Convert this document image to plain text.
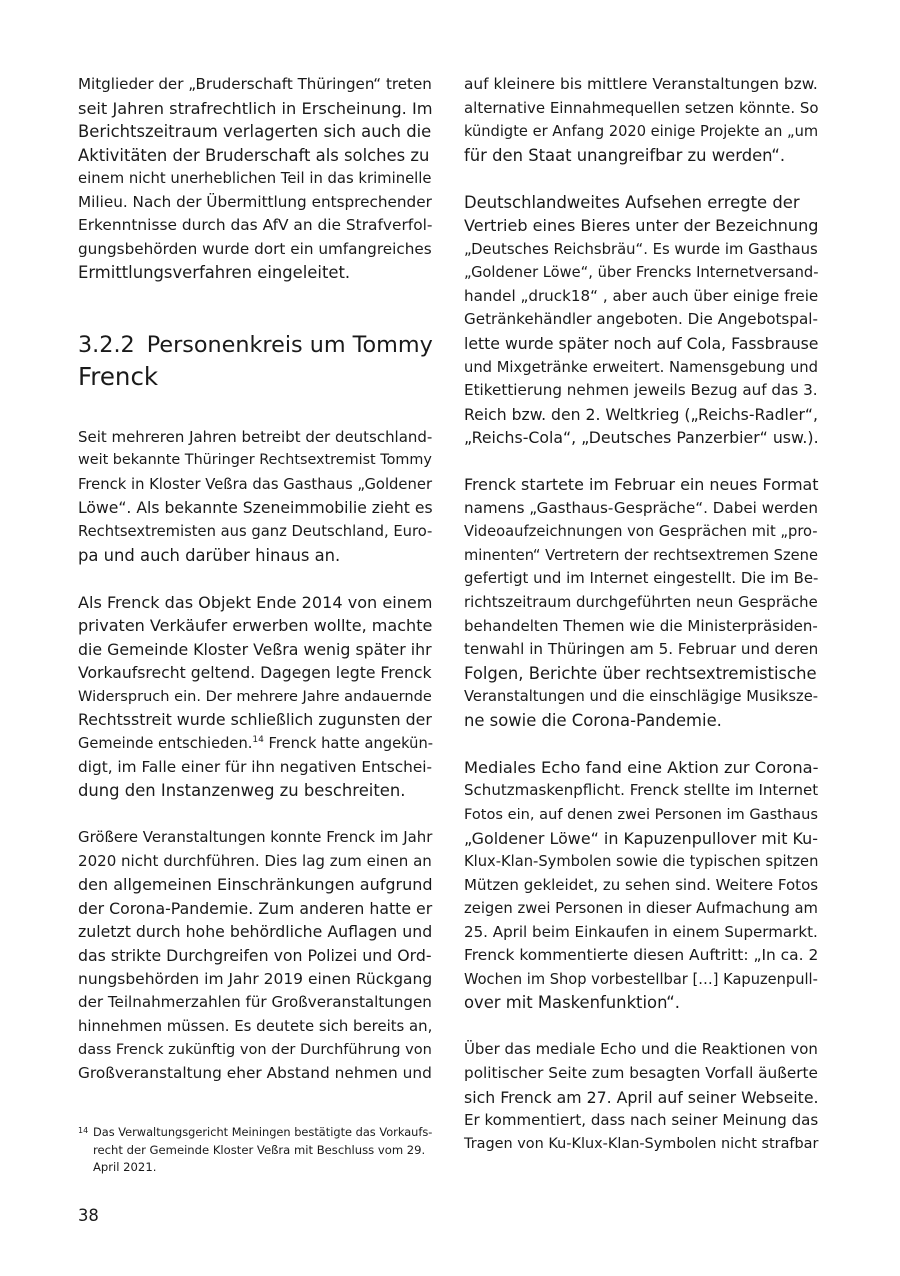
Mitglieder der „Bruderschaft Thüringen“ treten
seit Jahren strafrechtlich in Erscheinung. Im
Berichtszeitraum verlagerten sich auch die
Aktivitäten der Bruderschaft als solches zu
einem nicht unerheblichen Teil in das kriminelle
Milieu. Nach der Übermittlung entsprechender
Erkenntnisse durch das AfV an die Strafverfol-
gungsbehörden wurde dort ein umfangreiches
Ermittlungsverfahren eingeleitet.
3.2.2 Personenkreis um Tommy
Frenck
Seit mehreren Jahren betreibt der deutschland-
weit bekannte Thüringer Rechtsextremist Tommy
Frenck in Kloster Veßra das Gasthaus „Goldener
Löwe“. Als bekannte Szeneimmobilie zieht es
Rechtsextremisten aus ganz Deutschland, Euro-
pa und auch darüber hinaus an.
Als Frenck das Objekt Ende 2014 von einem
privaten Verkäufer erwerben wollte, machte
die Gemeinde Kloster Veßra wenig später ihr
Vorkaufsrecht geltend. Dagegen legte Frenck
Widerspruch ein. Der mehrere Jahre andauernde
Rechtsstreit wurde schließlich zugunsten der
Gemeinde entschieden.$^{14}$ Frenck hatte angekün-
digt, im Falle einer für ihn negativen Entschei-
dung den Instanzenweg zu beschreiten.
Größere Veranstaltungen konnte Frenck im Jahr
2020 nicht durchführen. Dies lag zum einen an
den allgemeinen Einschränkungen aufgrund
der Corona-Pandemie. Zum anderen hatte er
zuletzt durch hohe behördliche Auflagen und
das strikte Durchgreifen von Polizei und Ord-
nungsbehörden im Jahr 2019 einen Rückgang
der Teilnahmerzahlen für Großveranstaltungen
hinnehmen müssen. Es deutete sich bereits an,
dass Frenck zukünftig von der Durchführung von
Großveranstaltung eher Abstand nehmen und
auf kleinere bis mittlere Veranstaltungen bzw.
alternative Einnahmequellen setzen könnte. So
kündigte er Anfang 2020 einige Projekte an „um
für den Staat unangreifbar zu werden“.
Deutschlandweites Aufsehen erregte der
Vertrieb eines Bieres unter der Bezeichnung
„Deutsches Reichsbräu“. Es wurde im Gasthaus
„Goldener Löwe“, über Frencks Internetversand-
handel „druck18“ , aber auch über einige freie
Getränkehändler angeboten. Die Angebotspal-
lette wurde später noch auf Cola, Fassbrause
und Mixgetränke erweitert. Namensgebung und
Etikettierung nehmen jeweils Bezug auf das 3.
Reich bzw. den 2. Weltkrieg („Reichs-Radler“,
„Reichs-Cola“, „Deutsches Panzerbier“ usw.).
Frenck startete im Februar ein neues Format
namens „Gasthaus-Gespräche“. Dabei werden
Videoaufzeichnungen von Gesprächen mit „pro-
minenten“ Vertretern der rechtsextremen Szene
gefertigt und im Internet eingestellt. Die im Be-
richtszeitraum durchgeführten neun Gespräche
behandelten Themen wie die Ministerpräsiden-
tenwahl in Thüringen am 5. Februar und deren
Folgen, Berichte über rechtsextremistische
Veranstaltungen und die einschlägige Musiksze-
ne sowie die Corona-Pandemie.
Mediales Echo fand eine Aktion zur Corona-
Schutzmaskenpflicht. Frenck stellte im Internet
Fotos ein, auf denen zwei Personen im Gasthaus
„Goldener Löwe“ in Kapuzenpullover mit Ku-
Klux-Klan-Symbolen sowie die typischen spitzen
Mützen gekleidet, zu sehen sind. Weitere Fotos
zeigen zwei Personen in dieser Aufmachung am
25. April beim Einkaufen in einem Supermarkt.
Frenck kommentierte diesen Auftritt: „In ca. 2
Wochen im Shop vorbestellbar […] Kapuzenpull-
over mit Maskenfunktion“.
Über das mediale Echo und die Reaktionen von
politischer Seite zum besagten Vorfall äußerte
sich Frenck am 27. April auf seiner Webseite.
Er kommentiert, dass nach seiner Meinung das
Tragen von Ku-Klux-Klan-Symbolen nicht strafbar
14 Das Verwaltungsgericht Meiningen bestätigte das Vorkaufs-
recht der Gemeinde Kloster Veßra mit Beschluss vom 29.
April 2021.
38
